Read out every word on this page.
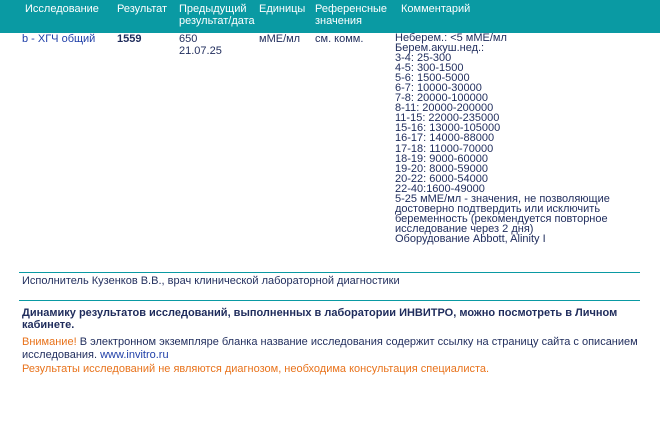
Исследование Результат Предыдущий
результат/дата
Единицы Референсные
значения
Комментарий
b - ХГЧ общий 1559	650
21.07.25
мМЕ/мл см. комм.	Неберем.: <5 мМЕ/мл
Берем.акуш.нед.:
3-4: 25-300
4-5: 300-1500
5-6: 1500-5000
6-7: 10000-30000
7-8: 20000-100000
8-11: 20000-200000
11-15: 22000-235000
15-16: 13000-105000
16-17: 14000-88000
17-18: 11000-70000
18-19: 9000-60000
19-20: 8000-59000
20-22: 6000-54000
22-40:1600-49000
5-25 мМЕ/мл - значения, не позволяющие
достоверно подтвердить или исключить
беременность (рекомендуется повторное
исследование через 2 дня)
Оборудование Abbott, Alinity I
Исполнитель Кузенков В.В., врач клинической лабораторной диагностики
Динамику результатов исследований, выполненных в лаборатории ИНВИТРО, можно посмотреть в Личном кабинете.
Внимание! В электронном экземпляре бланка название исследования содержит ссылку на страницу сайта с описанием исследования. www.invitro.ru
Результаты исследований не являются диагнозом, необходима консультация специалиста.
